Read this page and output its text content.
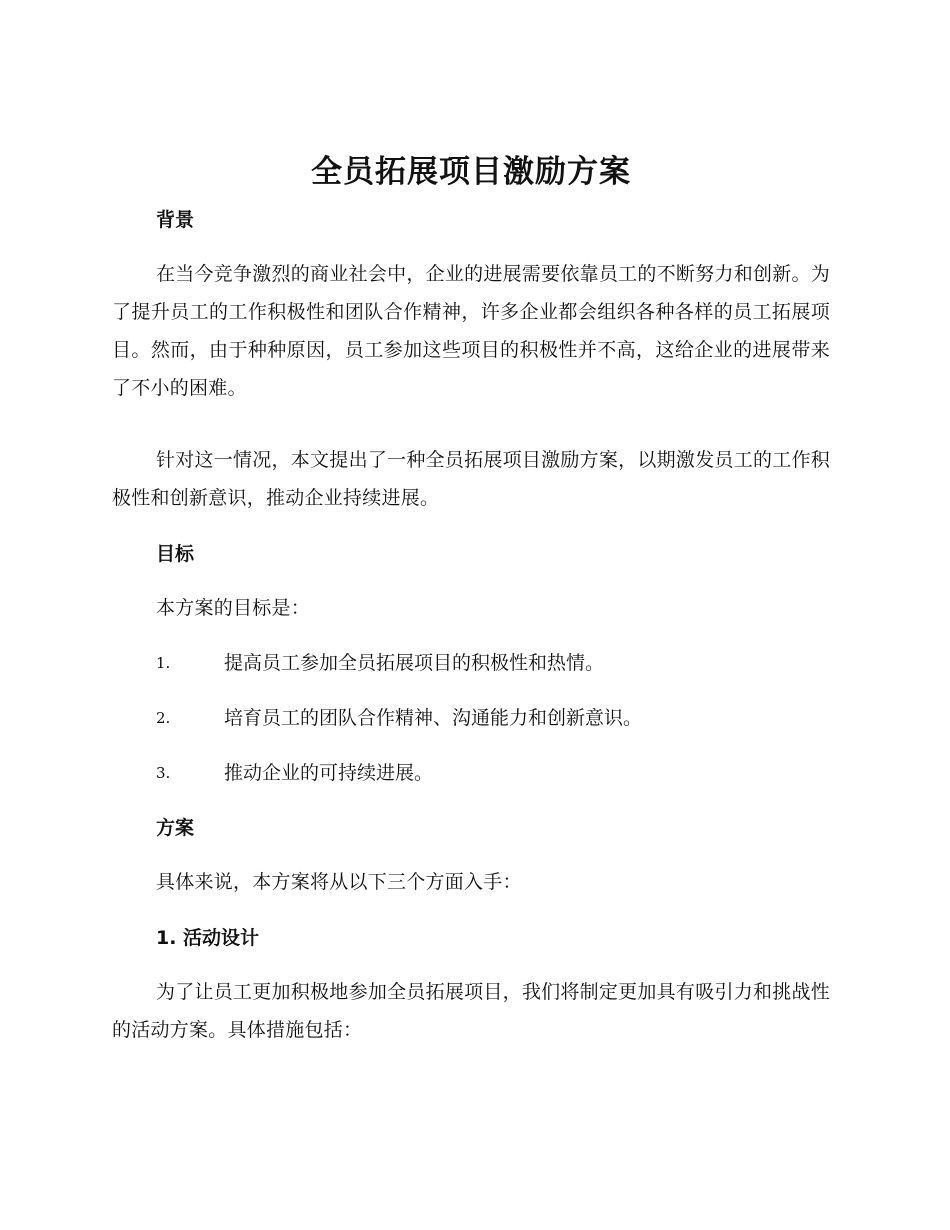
全员拓展项目激励方案
背景

在当今竞争激烈的商业社会中，企业的进展需要依靠员工的不断努力和创新。为了提升员工的工作积极性和团队合作精神，许多企业都会组织各种各样的员工拓展项目。然而，由于种种原因，员工参加这些项目的积极性并不高，这给企业的进展带来了不小的困难。

针对这一情况，本文提出了一种全员拓展项目激励方案，以期激发员工的工作积极性和创新意识，推动企业持续进展。

目标

本方案的目标是：

1.	提高员工参加全员拓展项目的积极性和热情。
2.	培育员工的团队合作精神、沟通能力和创新意识。
3.	推动企业的可持续进展。
方案

具体来说，本方案将从以下三个方面入手：

1. 活动设计

为了让员工更加积极地参加全员拓展项目，我们将制定更加具有吸引力和挑战性的活动方案。具体措施包括：
